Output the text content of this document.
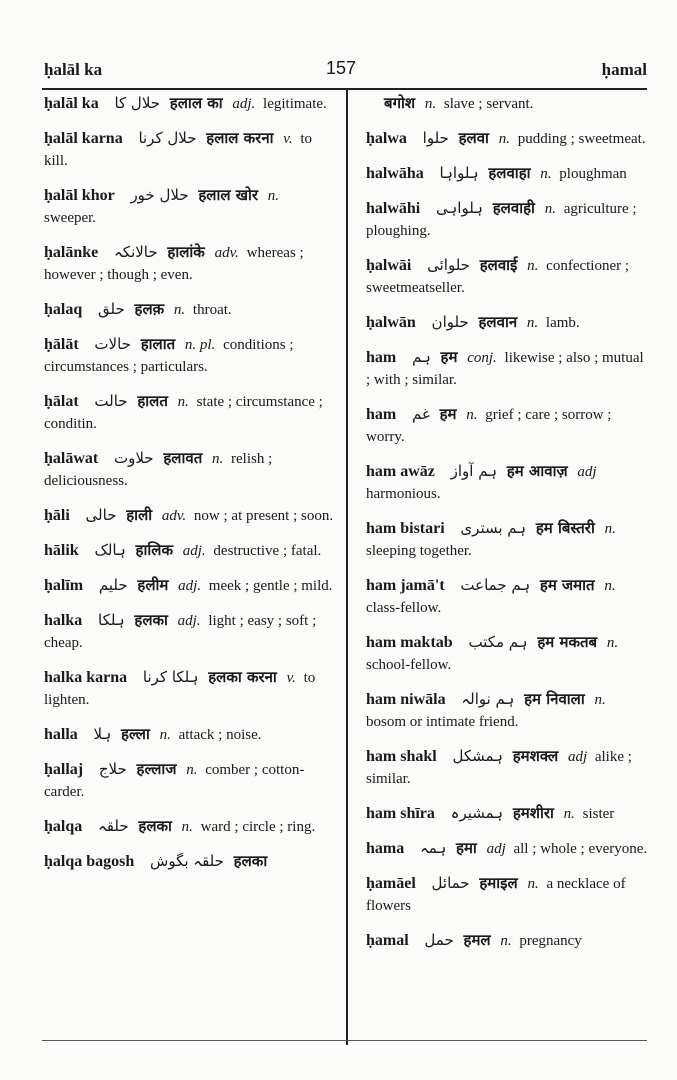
ḥalāl ka	157	ḥamal
ḥalāl ka حلال کا हलाल का adj. legitimate.
ḥalāl karna حلال کرنا हलाल करना v. to kill.
ḥalāl khor حلال خور हलाल खोर n. sweeper.
ḥalānke حالانکہ हालांके adv. whereas ; however ; though ; even.
ḥalaq حلق हलक़ n. throat.
ḥālāt حالات हालात n. pl. conditions ; circumstances ; particulars.
ḥālat حالت हालत n. state ; circumstance ; conditin.
ḥalāwat حلاوت हलावत n. relish ; deliciousness.
ḥāli حالی हाली adv. now ; at present ; soon.
hālik ہالک हालिक adj. destructive ; fatal.
ḥalīm حلیم हलीम adj. meek ; gentle ; mild.
halka ہلکا हलका adj. light ; easy ; soft ; cheap.
halka karna ہلکا کرنا हलका करना v. to lighten.
halla ہلا हल्ला n. attack ; noise.
ḥallaj حلاج हल्लाज n. comber ; cotton-carder.
ḥalqa حلقہ हलका n. ward ; circle ; ring.
ḥalqa bagosh حلقہ بگوش हलका
बगोश n. slave ; servant.
ḥalwa حلوا हलवा n. pudding ; sweetmeat.
halwāha ہلواہا हलवाहा n. ploughman
halwāhi ہلواہی हलवाही n. agriculture ; ploughing.
ḥalwāi حلوائی हलवाई n. confectioner ; sweetmeatseller.
ḥalwān حلوان हलवान n. lamb.
ham ہم हम conj. likewise ; also ; mutual ; with ; similar.
ham غم हम n. grief ; care ; sorrow ; worry.
ham awāz ہم آواز हम आवाज़ adj harmonious.
ham bistari ہم بستری हम बिस्तरी n. sleeping together.
ham jamā't ہم جماعت हम जमात n. class-fellow.
ham maktab ہم مکتب हम मकतब n. school-fellow.
ham niwāla ہم نوالہ हम निवाला n. bosom or intimate friend.
ham shakl ہمشکل हमशक्ल adj alike ; similar.
ham shīra ہمشیرہ हमशीरा n. sister
hama ہمہ हमा adj all ; whole ; everyone.
ḥamāel حمائل हमाइल n. a necklace of flowers
ḥamal حمل हमल n. pregnancy
